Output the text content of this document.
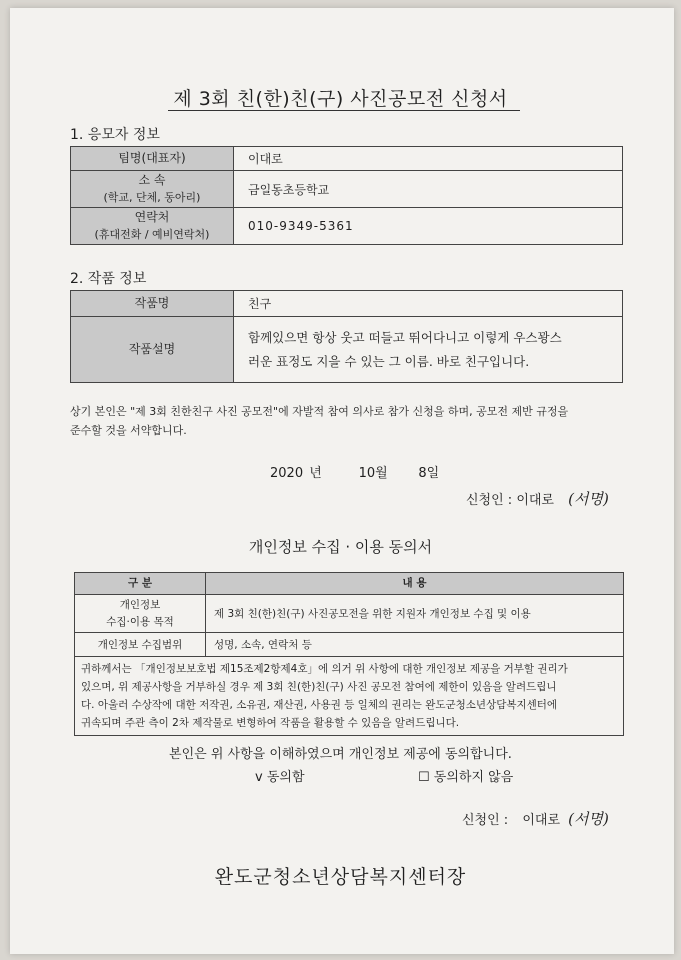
제 3회 친(한)친(구) 사진공모전 신청서
1. 응모자 정보
팀명(대표자)	이대로

소 속
(학교, 단체, 동아리)	금일동초등학교

연락처
(휴대전화 / 예비연락처)	010-9349-5361
2. 작품 정보
작품명	친구
작품설명	함께있으면 항상 웃고 떠들고 뛰어다니고 이렇게 우스꽝스
러운 표정도 지을 수 있는 그 이름. 바로 친구입니다.
상기 본인은 "제 3회 친한친구 사진 공모전"에 자발적 참여 의사로 참가 신청을 하며, 공모전 제반 규정을
준수할 것을 서약합니다.
2020 년	10월 8일
신청인 : 이대로 (서명)
개인정보 수집 · 이용 동의서
구 분	내 용

개인정보
수집·이용 목적	제 3회 친(한)친(구) 사진공모전을 위한 지원자 개인정보 수집 및 이용
개인정보 수집범위	성명, 소속, 연락처 등

귀하께서는 「개인정보보호법 제15조제2항제4호」에 의거 위 사항에 대한 개인정보 제공을 거부할 권리가
있으며, 위 제공사항을 거부하실 경우 제 3회 친(한)친(구) 사진 공모전 참여에 제한이 있음을 알려드립니
다. 아울러 수상작에 대한 저작권, 소유권, 재산권, 사용권 등 일체의 권리는 완도군청소년상담복지센터에
귀속되며 주관 측이 2차 제작물로 변형하여 작품을 활용할 수 있음을 알려드립니다.	
본인은 위 사항을 이해하였으며 개인정보 제공에 동의합니다.
v 동의함	☐ 동의하지 않음
신청인 : 이대로 (서명)
완도군청소년상담복지센터장
